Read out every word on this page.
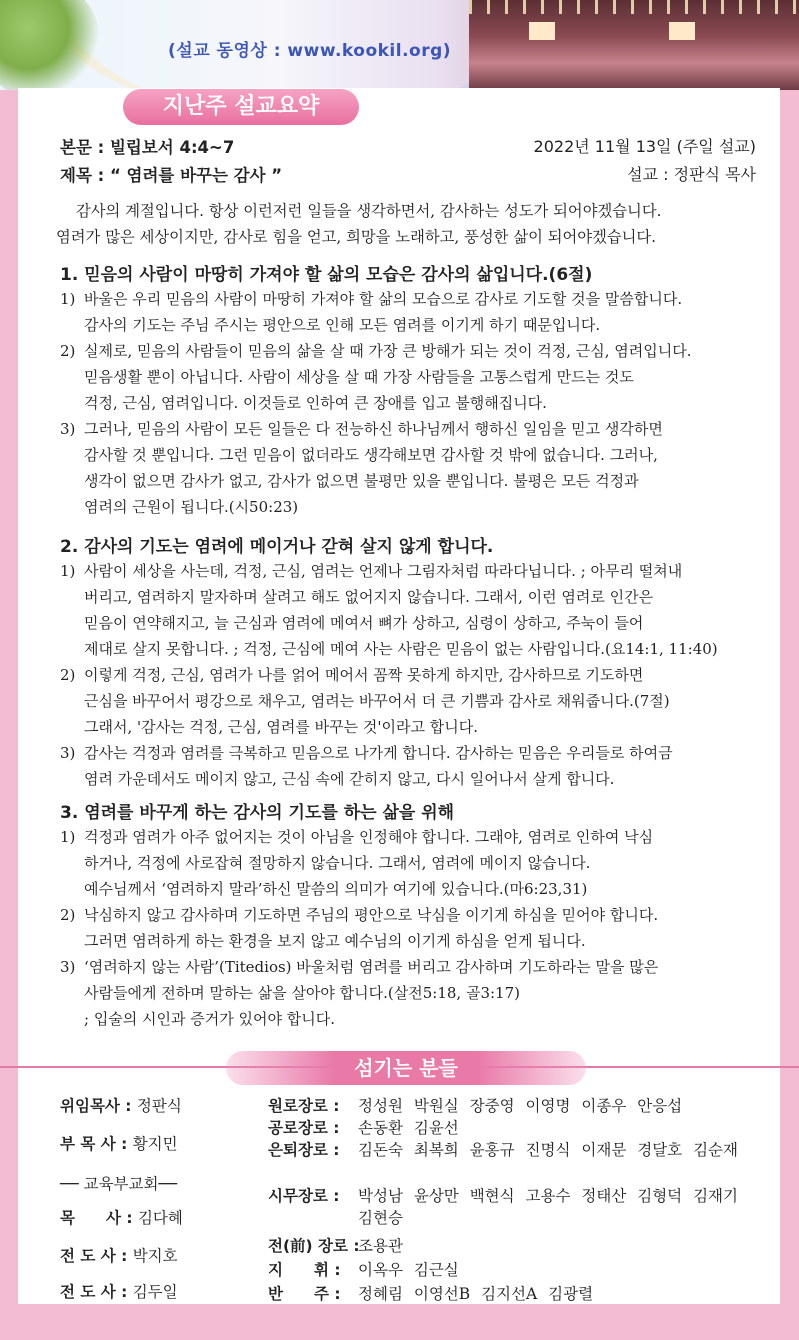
(설교 동영상 : www.kookil.org)
지난주 설교요약
본문 : 빌립보서 4:4~7
제목 : “ 염려를 바꾸는 감사 ”
2022년 11월 13일 (주일 설교)
설교 : 정판식 목사
감사의 계절입니다. 항상 이런저런 일들을 생각하면서, 감사하는 성도가 되어야겠습니다.
염려가 많은 세상이지만, 감사로 힘을 얻고, 희망을 노래하고, 풍성한 삶이 되어야겠습니다.
1. 믿음의 사람이 마땅히 가져야 할 삶의 모습은 감사의 삶입니다.(6절)
1) 바울은 우리 믿음의 사람이 마땅히 가져야 할 삶의 모습으로 감사로 기도할 것을 말씀합니다.
감사의 기도는 주님 주시는 평안으로 인해 모든 염려를 이기게 하기 때문입니다.
2) 실제로, 믿음의 사람들이 믿음의 삶을 살 때 가장 큰 방해가 되는 것이 걱정, 근심, 염려입니다.
믿음생활 뿐이 아닙니다. 사람이 세상을 살 때 가장 사람들을 고통스럽게 만드는 것도
걱정, 근심, 염려입니다. 이것들로 인하여 큰 장애를 입고 불행해집니다.
3) 그러나, 믿음의 사람이 모든 일들은 다 전능하신 하나님께서 행하신 일임을 믿고 생각하면
감사할 것 뿐입니다. 그런 믿음이 없더라도 생각해보면 감사할 것 밖에 없습니다. 그러나,
생각이 없으면 감사가 없고, 감사가 없으면 불평만 있을 뿐입니다. 불평은 모든 걱정과
염려의 근원이 됩니다.(시50:23)
2. 감사의 기도는 염려에 메이거나 갇혀 살지 않게 합니다.
1) 사람이 세상을 사는데, 걱정, 근심, 염려는 언제나 그림자처럼 따라다닙니다. ; 아무리 떨쳐내
버리고, 염려하지 말자하며 살려고 해도 없어지지 않습니다. 그래서, 이런 염려로 인간은
믿음이 연약해지고, 늘 근심과 염려에 메여서 뼈가 상하고, 심령이 상하고, 주눅이 들어
제대로 살지 못합니다. ; 걱정, 근심에 메여 사는 사람은 믿음이 없는 사람입니다.(요14:1, 11:40)
2) 이렇게 걱정, 근심, 염려가 나를 얽어 메어서 꼼짝 못하게 하지만, 감사하므로 기도하면
근심을 바꾸어서 평강으로 채우고, 염려는 바꾸어서 더 큰 기쁨과 감사로 채워줍니다.(7절)
그래서, '감사는 걱정, 근심, 염려를 바꾸는 것'이라고 합니다.
3) 감사는 걱정과 염려를 극복하고 믿음으로 나가게 합니다. 감사하는 믿음은 우리들로 하여금
염려 가운데서도 메이지 않고, 근심 속에 갇히지 않고, 다시 일어나서 살게 합니다.
3. 염려를 바꾸게 하는 감사의 기도를 하는 삶을 위해
1) 걱정과 염려가 아주 없어지는 것이 아님을 인정해야 합니다. 그래야, 염려로 인하여 낙심
하거나, 걱정에 사로잡혀 절망하지 않습니다. 그래서, 염려에 메이지 않습니다.
예수님께서 ‘염려하지 말라’하신 말씀의 의미가 여기에 있습니다.(마6:23,31)
2) 낙심하지 않고 감사하며 기도하면 주님의 평안으로 낙심을 이기게 하심을 믿어야 합니다.
그러면 염려하게 하는 환경을 보지 않고 예수님의 이기게 하심을 얻게 됩니다.
3) ‘염려하지 않는 사람’(Titedios) 바울처럼 염려를 버리고 감사하며 기도하라는 말을 많은
사람들에게 전하며 말하는 삶을 살아야 합니다.(살전5:18, 골3:17)
; 입술의 시인과 증거가 있어야 합니다.
위임목사 : 정판식
부 목 사 : 황지민
── 교육부교회──
목　　사 : 김다혜
전 도 사 : 박지호
전 도 사 : 김두일
원로장로 : 정성원 박원실 장중영 이영명 이종우 안응섭
공로장로 : 손동환 김윤선
은퇴장로 : 김돈숙 최복희 윤홍규 진명식 이재문 경달호 김순재
시무장로 : 박성남 윤상만 백현식 고용수 정태산 김형덕 김재기 김현승
전(前) 장로 :조용관
지　　휘 : 이옥우 김근실
반　　주 : 정혜림 이영선B 김지선A 김광렬
섬기는 분들
